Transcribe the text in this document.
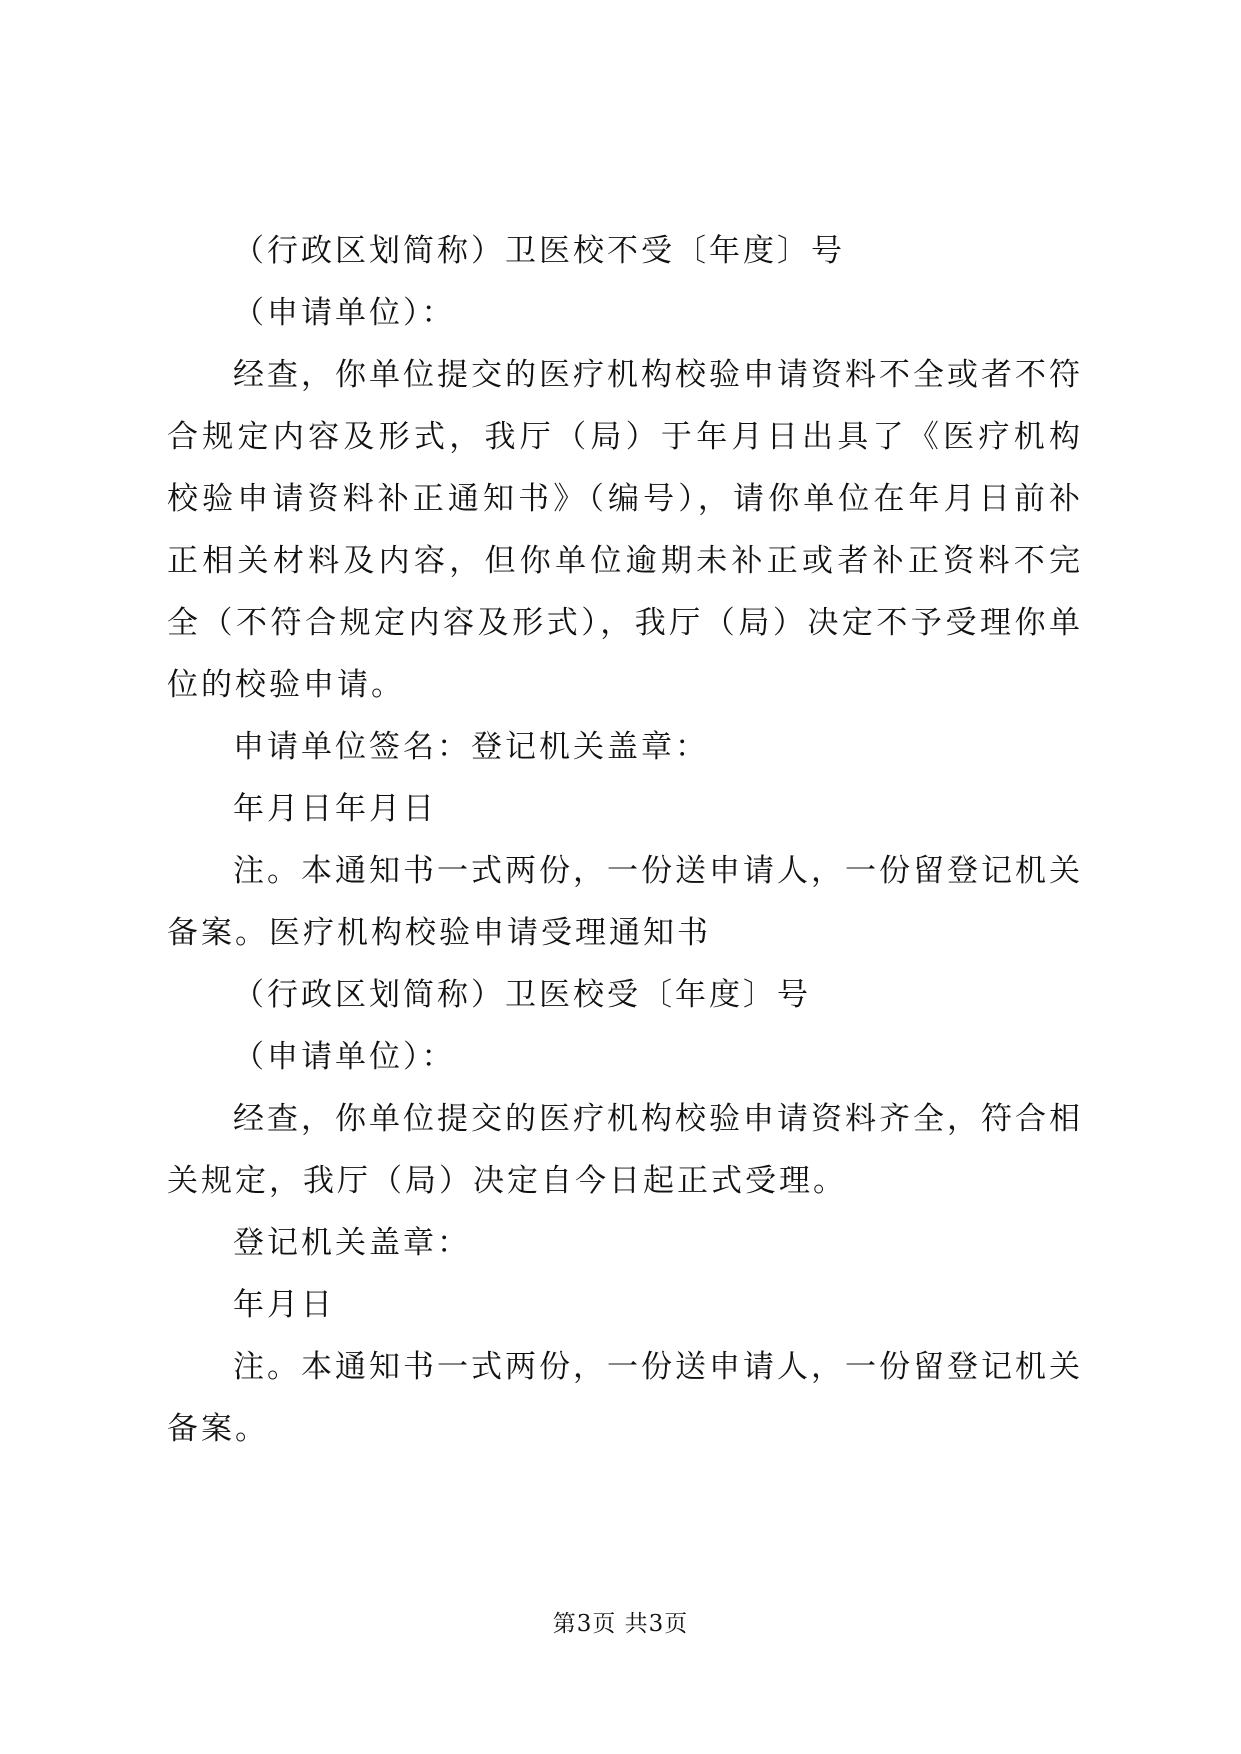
（行政区划简称）卫医校不受〔年度〕号

（申请单位）：

经查，你单位提交的医疗机构校验申请资料不全或者不符合规定内容及形式，我厅（局）于年月日出具了《医疗机构校验申请资料补正通知书》（编号），请你单位在年月日前补正相关材料及内容，但你单位逾期未补正或者补正资料不完全（不符合规定内容及形式），我厅（局）决定不予受理你单位的校验申请。

申请单位签名：登记机关盖章：

年月日年月日

注。本通知书一式两份，一份送申请人，一份留登记机关备案。医疗机构校验申请受理通知书

（行政区划简称）卫医校受〔年度〕号

（申请单位）：

经查，你单位提交的医疗机构校验申请资料齐全，符合相关规定，我厅（局）决定自今日起正式受理。

登记机关盖章：

年月日

注。本通知书一式两份，一份送申请人，一份留登记机关备案。

第3页 共3页
